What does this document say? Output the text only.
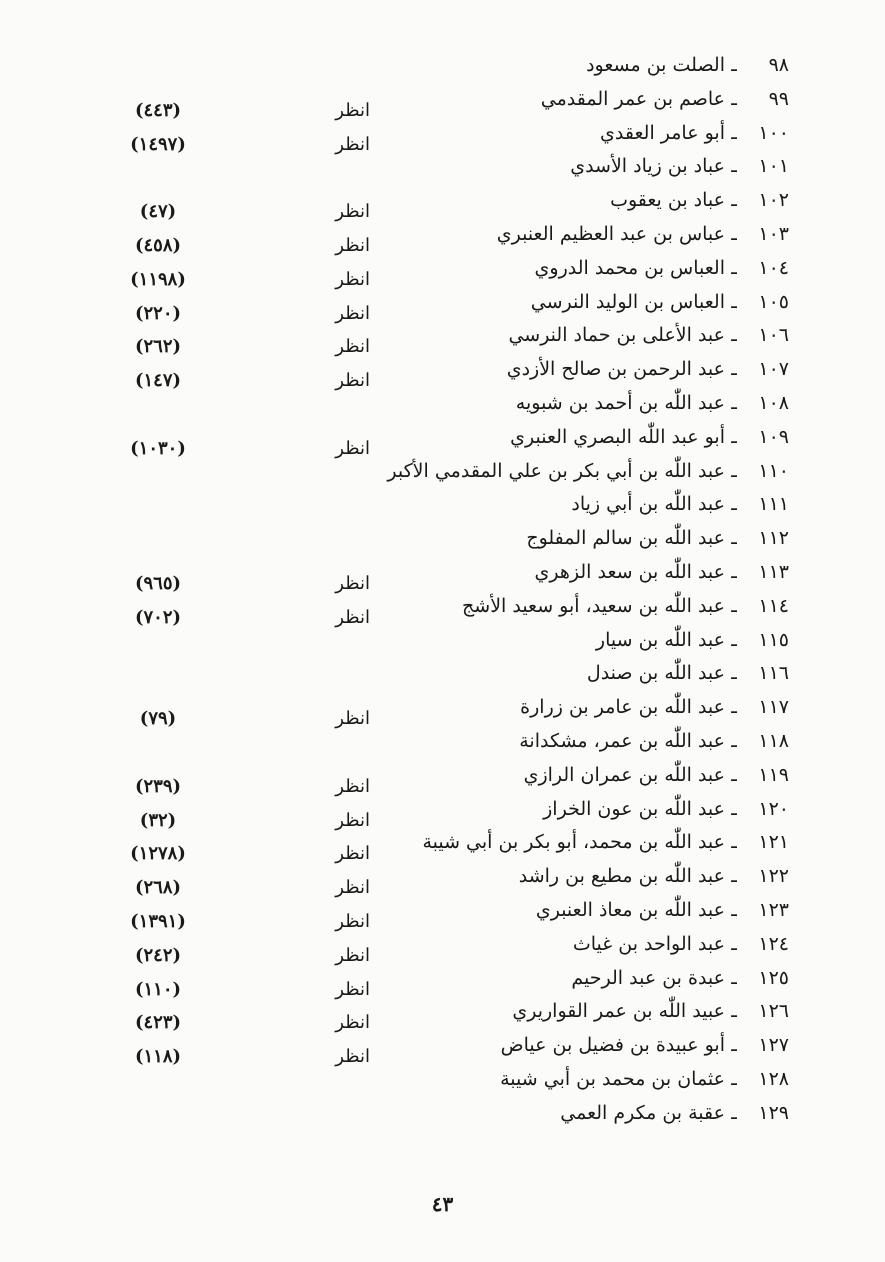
٩٨
ـ
الصلت بن مسعود
٩٩
ـ
عاصم بن عمر المقدمي
انظر
(٤٤٣)
١٠٠
ـ
أبو عامر العقدي
انظر
(١٤٩٧)
١٠١
ـ
عباد بن زياد الأسدي
١٠٢
ـ
عباد بن يعقوب
انظر
(٤٧)
١٠٣
ـ
عباس بن عبد العظيم العنبري
انظر
(٤٥٨)
١٠٤
ـ
العباس بن محمد الدروي
انظر
(١١٩٨)
١٠٥
ـ
العباس بن الوليد النرسي
انظر
(٢٢٠)
١٠٦
ـ
عبد الأعلى بن حماد النرسي
انظر
(٢٦٢)
١٠٧
ـ
عبد الرحمن بن صالح الأزدي
انظر
(١٤٧)
١٠٨
ـ
عبد اللّٰه بن أحمد بن شبويه
١٠٩
ـ
أبو عبد اللّٰه البصري العنبري
انظر
(١٠٣٠)
١١٠
ـ
عبد اللّٰه بن أبي بكر بن علي المقدمي الأكبر
١١١
ـ
عبد اللّٰه بن أبي زياد
١١٢
ـ
عبد اللّٰه بن سالم المفلوج
١١٣
ـ
عبد اللّٰه بن سعد الزهري
انظر
(٩٦٥)
١١٤
ـ
عبد اللّٰه بن سعيد، أبو سعيد الأشج
انظر
(٧٠٢)
١١٥
ـ
عبد اللّٰه بن سيار
١١٦
ـ
عبد اللّٰه بن صندل
١١٧
ـ
عبد اللّٰه بن عامر بن زرارة
انظر
(٧٩)
١١٨
ـ
عبد اللّٰه بن عمر، مشكدانة
١١٩
ـ
عبد اللّٰه بن عمران الرازي
انظر
(٢٣٩)
١٢٠
ـ
عبد اللّٰه بن عون الخراز
انظر
(٣٢)
١٢١
ـ
عبد اللّٰه بن محمد، أبو بكر بن أبي شيبة
انظر
(١٢٧٨)
١٢٢
ـ
عبد اللّٰه بن مطيع بن راشد
انظر
(٢٦٨)
١٢٣
ـ
عبد اللّٰه بن معاذ العنبري
انظر
(١٣٩١)
١٢٤
ـ
عبد الواحد بن غياث
انظر
(٢٤٢)
١٢٥
ـ
عبدة بن عبد الرحيم
انظر
(١١٠)
١٢٦
ـ
عبيد اللّٰه بن عمر القواريري
انظر
(٤٢٣)
١٢٧
ـ
أبو عبيدة بن فضيل بن عياض
انظر
(١١٨)
١٢٨
ـ
عثمان بن محمد بن أبي شيبة
١٢٩
ـ
عقبة بن مكرم العمي
٤٣
